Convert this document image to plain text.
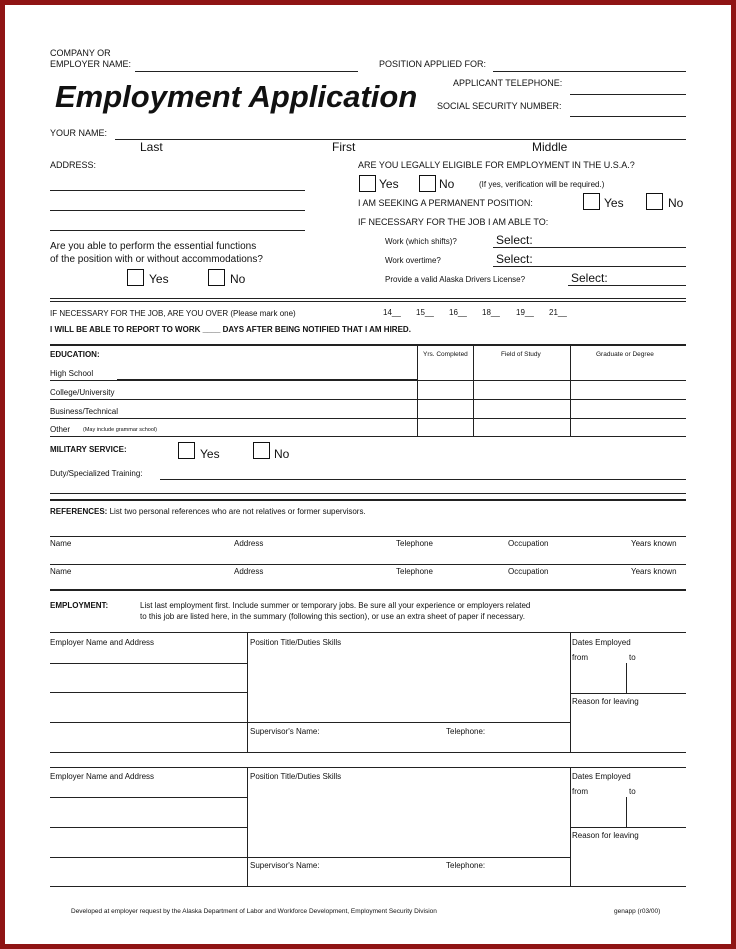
COMPANY OR
EMPLOYER NAME:	POSITION APPLIED FOR:
Employment Application	APPLICANT TELEPHONE:
SOCIAL SECURITY NUMBER:
YOUR NAME:
Last	First	Middle
ADDRESS:	ARE YOU LEGALLY ELIGIBLE FOR EMPLOYMENT IN THE U.S.A.?
Yes	No	(If yes, verification will be required.)
I AM SEEKING A PERMANENT POSITION:	Yes	No
IF NECESSARY FOR THE JOB I AM ABLE TO:
Work (which shifts)?	Select:
Work overtime?	Select:
Provide a valid Alaska Drivers License?	Select:
Are you able to perform the essential functions
of the position with or without accommodations?
Yes	No
IF NECESSARY FOR THE JOB, ARE YOU OVER (Please mark one)	14__ 15__ 16__ 18__ 19__ 21__
I WILL BE ABLE TO REPORT TO WORK ____ DAYS AFTER BEING NOTIFIED THAT I AM HIRED.
EDUCATION:	Yrs. Completed	Field of Study	Graduate or Degree
High School
College/University
Business/Technical
Other (May include grammar school)
MILITARY SERVICE:	Yes	No
Duty/Specialized Training:
REFERENCES: List two personal references who are not relatives or former supervisors.
Name	Address	Telephone	Occupation	Years known
Name	Address	Telephone	Occupation	Years known
EMPLOYMENT:	List last employment first. Include summer or temporary jobs. Be sure all your experience or employers related
to this job are listed here, in the summary (following this section), or use an extra sheet of paper if necessary.
Employer Name and Address	Position Title/Duties Skills
Supervisor's Name:	Telephone:
Dates Employed
from	to
Reason for leaving
Employer Name and Address	Position Title/Duties Skills
Supervisor's Name:	Telephone:
Dates Employed
from	to
Reason for leaving
Developed at employer request by the Alaska Department of Labor and Workforce Development, Employment Security Division	genapp (r03/00)
